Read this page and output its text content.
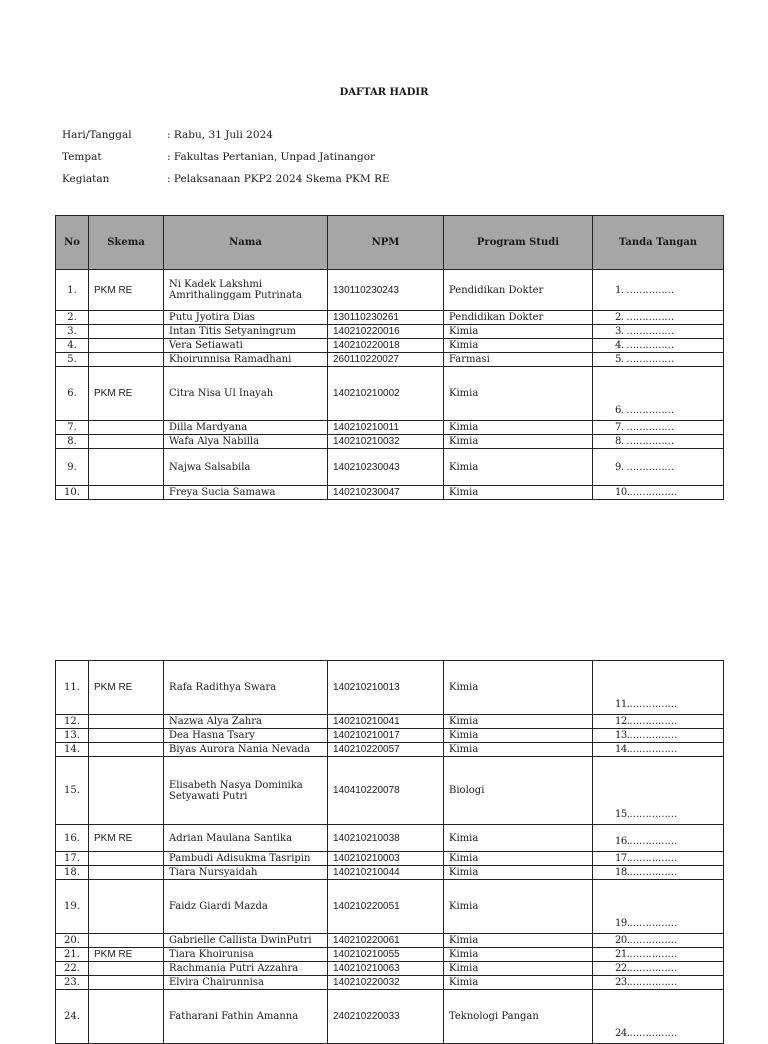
DAFTAR HADIR
Hari/Tanggal	: Rabu, 31 Juli 2024
Tempat	: Fakultas Pertanian, Unpad Jatinangor
Kegiatan	: Pelaksanaan PKP2 2024 Skema PKM RE
No	Skema	Nama	NPM	Program Studi	Tanda Tangan
1.	PKM RE	Ni Kadek Lakshmi
Amrithalinggam Putrinata	130110230243	Pendidikan Dokter	1. ……………
2.		Putu Jyotira Dias	130110230261	Pendidikan Dokter	2. ……………
3.		Intan Titis Setyaningrum	140210220016	Kimia	3. ……………
4.		Vera Setiawati	140210220018	Kimia	4. ……………
5.		Khoirunnisa Ramadhani	260110220027	Farmasi	5. ……………
6.	PKM RE	Citra Nisa Ul Inayah	140210210002	Kimia	6. ……………
7.		Dilla Mardyana	140210210011	Kimia	7. ……………
8.		Wafa Alya Nabilla	140210210032	Kimia	8. ……………
9.		Najwa Salsabila	140210230043	Kimia	9. ……………
10.		Freya Sucia Samawa	140210230047	Kimia	10.……………
11.	PKM RE	Rafa Radithya Swara	140210210013	Kimia	11.……………
12.		Nazwa Alya Zahra	140210210041	Kimia	12.……………
13.		Dea Hasna Tsary	140210210017	Kimia	13.……………
14.		Biyas Aurora Nania Nevada	140210220057	Kimia	14.……………
15.		Elisabeth Nasya Dominika
Setyawati Putri	140410220078	Biologi	15.……………
16.	PKM RE	Adrian Maulana Santika	140210210038	Kimia	16.……………
17.		Pambudi Adisukma Tasripin	140210210003	Kimia	17.……………
18.		Tiara Nursyaidah	140210210044	Kimia	18.……………
19.		Faidz Giardi Mazda	140210220051	Kimia	19.……………
20.		Gabrielle Callista DwinPutri	140210220061	Kimia	20.……………
21.	PKM RE	Tiara Khoirunisa	140210210055	Kimia	21.……………
22.		Rachmania Putri Azzahra	140210210063	Kimia	22.……………
23.		Elvira Chairunnisa	140210220032	Kimia	23.……………
24.		Fatharani Fathin Amanna	240210220033	Teknologi Pangan	24.……………
